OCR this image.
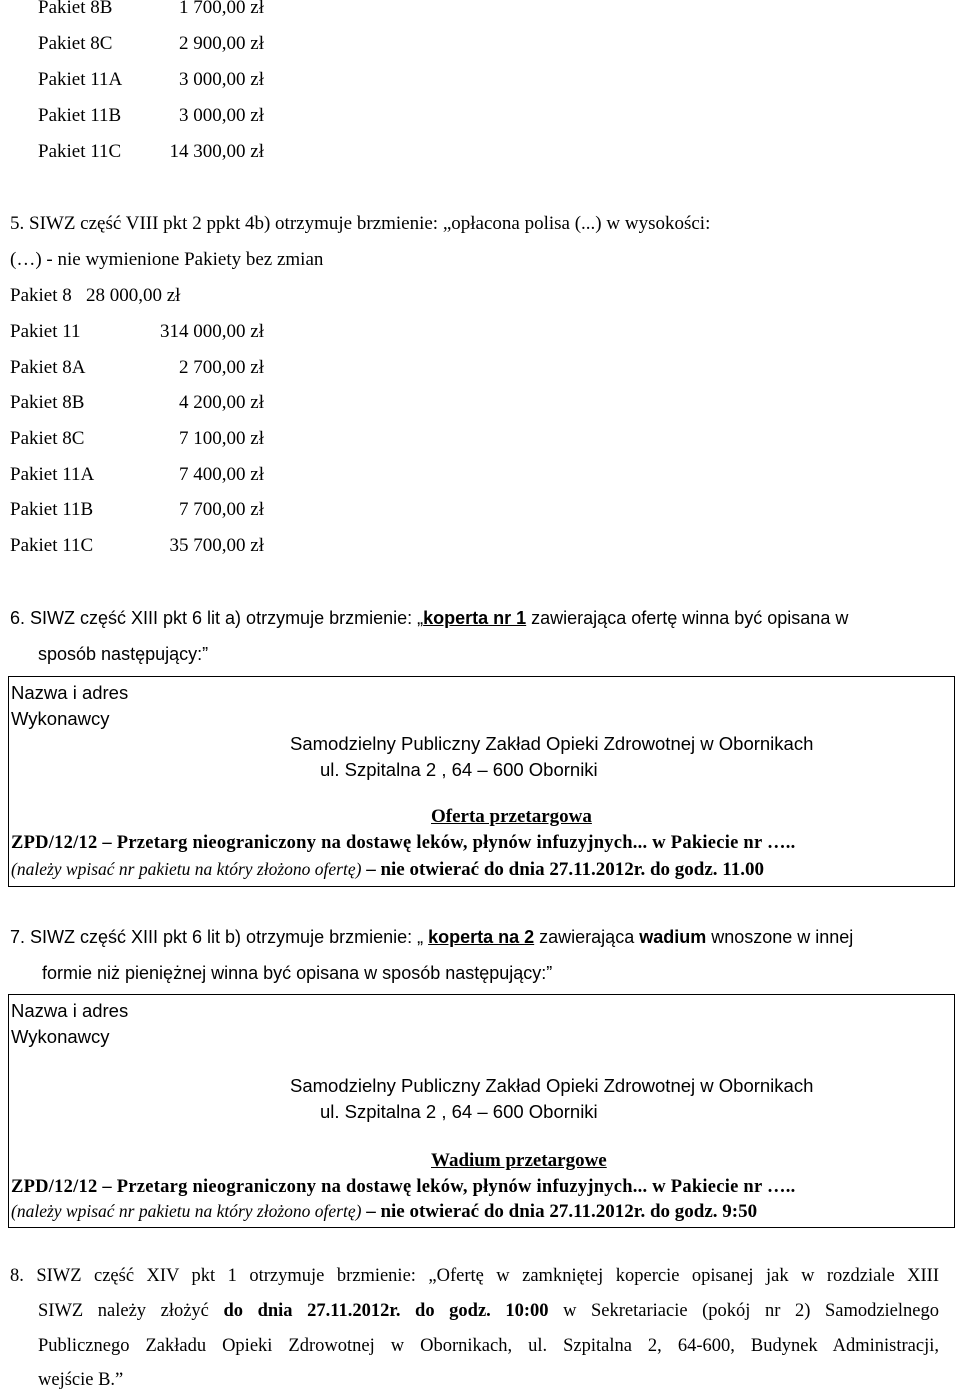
Pakiet 8B	1 700,00 zł
Pakiet 8C	2 900,00 zł
Pakiet 11A	3 000,00 zł
Pakiet 11B	3 000,00 zł
Pakiet 11C	14 300,00 zł
5. SIWZ część VIII pkt 2 ppkt 4b) otrzymuje brzmienie: „opłacona polisa (...) w wysokości:
(…) - nie wymienione Pakiety bez zmian
Pakiet 8   28 000,00 zł
Pakiet 11	314 000,00 zł
Pakiet 8A	2 700,00 zł
Pakiet 8B	4 200,00 zł
Pakiet 8C	7 100,00 zł
Pakiet 11A	7 400,00 zł
Pakiet 11B	7 700,00 zł
Pakiet 11C	35 700,00 zł
6. SIWZ część XIII pkt 6 lit a) otrzymuje brzmienie: „koperta nr 1 zawierająca ofertę winna być opisana w
sposób następujący:”
Nazwa i adres
Wykonawcy
Samodzielny Publiczny Zakład Opieki Zdrowotnej w Obornikach
ul. Szpitalna 2 , 64 – 600 Oborniki
Oferta przetargowa
ZPD/12/12 – Przetarg nieograniczony na dostawę leków, płynów infuzyjnych... w Pakiecie nr …..
(należy wpisać nr pakietu na który złożono ofertę) – nie otwierać do dnia 27.11.2012r. do godz. 11.00
7. SIWZ część XIII pkt 6 lit b) otrzymuje brzmienie: „ koperta na 2 zawierająca wadium wnoszone w innej
formie niż pieniężnej winna być opisana w sposób następujący:”
Nazwa i adres
Wykonawcy
Samodzielny Publiczny Zakład Opieki Zdrowotnej w Obornikach
ul. Szpitalna 2 , 64 – 600 Oborniki
Wadium przetargowe
ZPD/12/12 – Przetarg nieograniczony na dostawę leków, płynów infuzyjnych... w Pakiecie nr …..
(należy wpisać nr pakietu na który złożono ofertę) – nie otwierać do dnia 27.11.2012r. do godz. 9:50
8. SIWZ część XIV pkt 1 otrzymuje brzmienie: „Ofertę w zamkniętej kopercie opisanej jak w rozdziale XIII
SIWZ należy złożyć do dnia 27.11.2012r. do godz. 10:00 w Sekretariacie (pokój nr 2) Samodzielnego
Publicznego Zakładu Opieki Zdrowotnej w Obornikach, ul. Szpitalna 2, 64-600, Budynek Administracji,
wejście B.”
